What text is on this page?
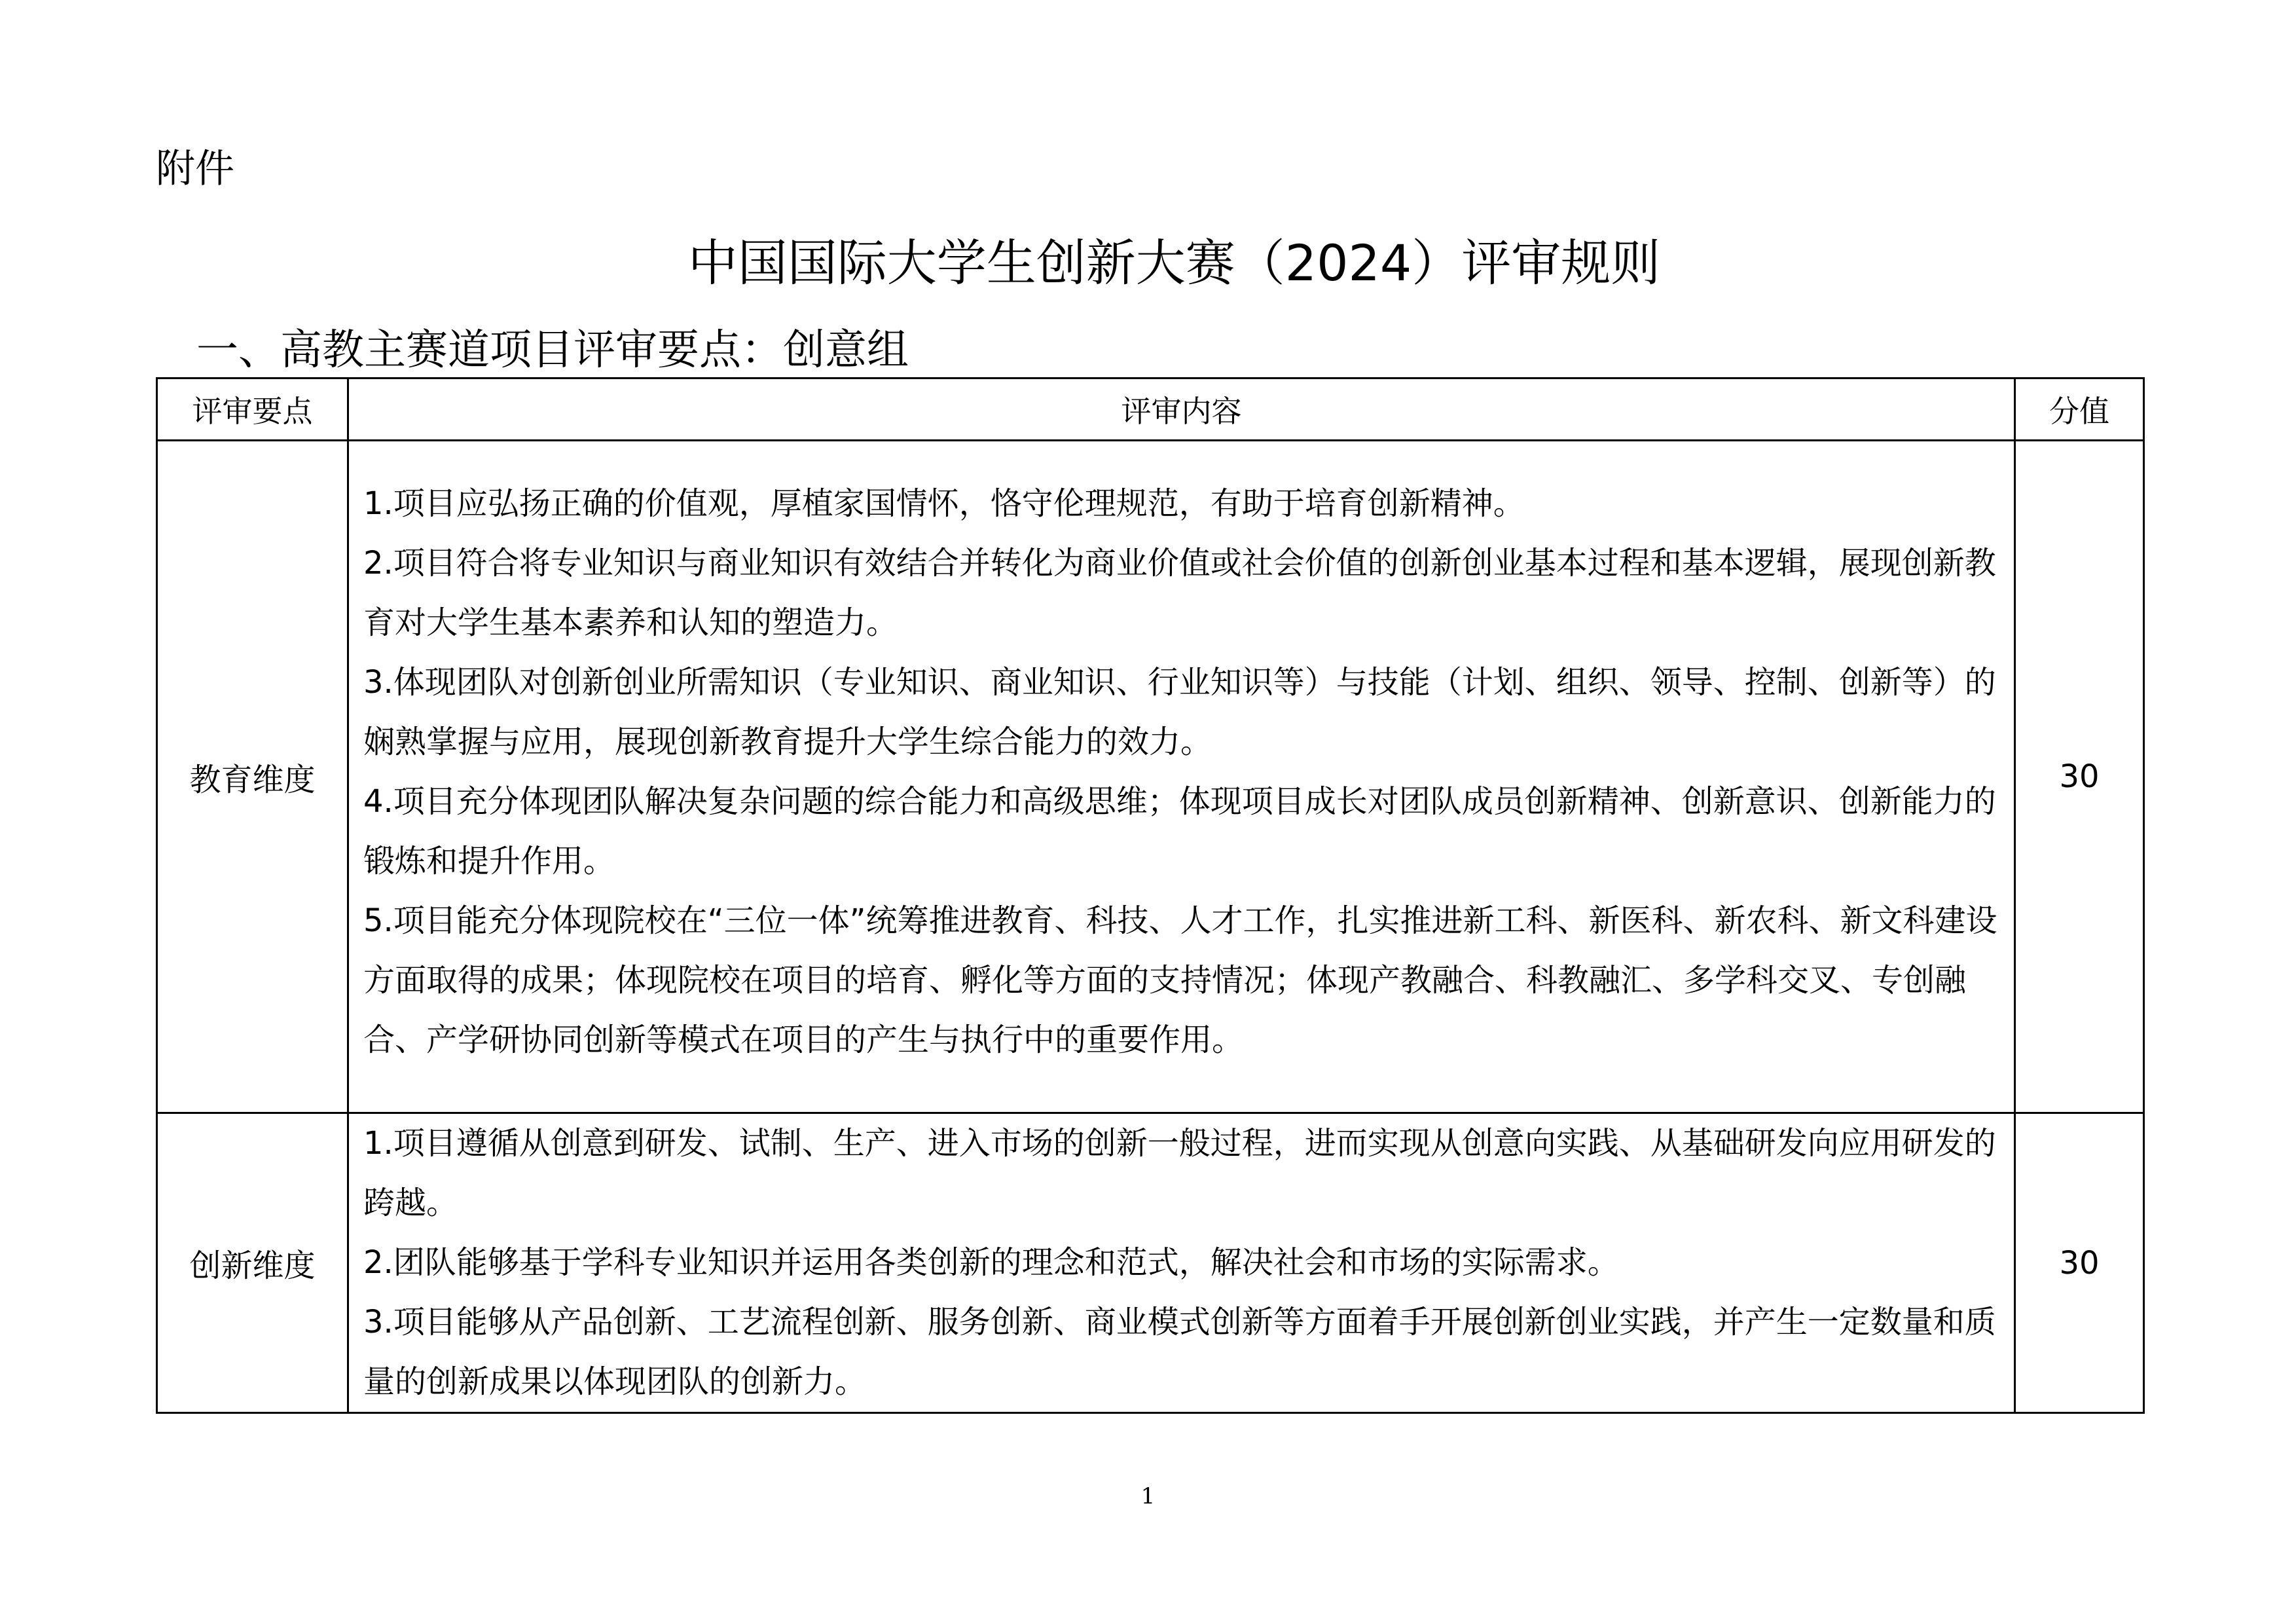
附件
中国国际大学生创新大赛（2024）评审规则
一、高教主赛道项目评审要点：创意组
评审要点	评审内容	分值
教育维度	1.项目应弘扬正确的价值观，厚植家国情怀，恪守伦理规范，有助于培育创新精神。
2.项目符合将专业知识与商业知识有效结合并转化为商业价值或社会价值的创新创业基本过程和基本逻辑，展现创新教育对大学生基本素养和认知的塑造力。
3.体现团队对创新创业所需知识（专业知识、商业知识、行业知识等）与技能（计划、组织、领导、控制、创新等）的娴熟掌握与应用，展现创新教育提升大学生综合能力的效力。
4.项目充分体现团队解决复杂问题的综合能力和高级思维；体现项目成长对团队成员创新精神、创新意识、创新能力的锻炼和提升作用。
5.项目能充分体现院校在“三位一体”统筹推进教育、科技、人才工作，扎实推进新工科、新医科、新农科、新文科建设方面取得的成果；体现院校在项目的培育、孵化等方面的支持情况；体现产教融合、科教融汇、多学科交叉、专创融合、产学研协同创新等模式在项目的产生与执行中的重要作用。	30
创新维度	1.项目遵循从创意到研发、试制、生产、进入市场的创新一般过程，进而实现从创意向实践、从基础研发向应用研发的跨越。
2.团队能够基于学科专业知识并运用各类创新的理念和范式，解决社会和市场的实际需求。
3.项目能够从产品创新、工艺流程创新、服务创新、商业模式创新等方面着手开展创新创业实践，并产生一定数量和质量的创新成果以体现团队的创新力。	30
1
